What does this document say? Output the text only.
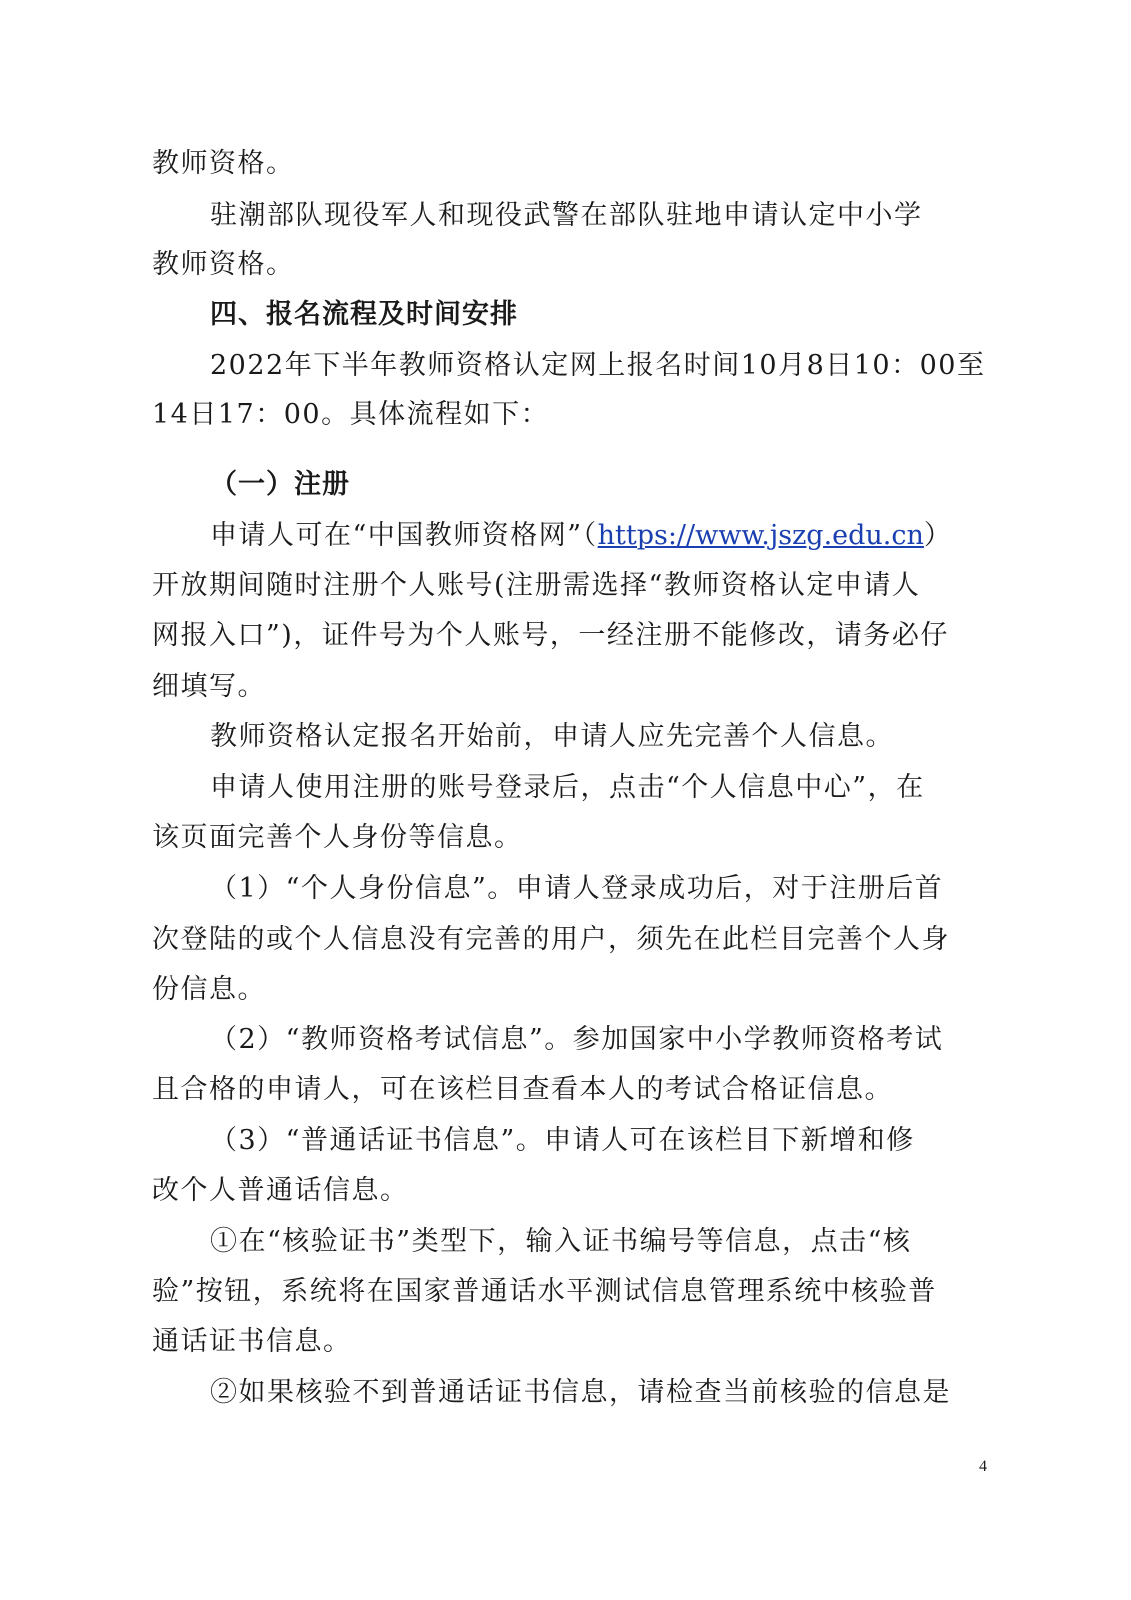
教师资格。
驻潮部队现役军人和现役武警在部队驻地申请认定中小学
教师资格。
四、报名流程及时间安排
2022年下半年教师资格认定网上报名时间10月8日10：00至
14日17：00。具体流程如下：
（一）注册
申请人可在“中国教师资格网”（https://www.jszg.edu.cn）
开放期间随时注册个人账号(注册需选择“教师资格认定申请人
网报入口”)，证件号为个人账号，一经注册不能修改，请务必仔
细填写。
教师资格认定报名开始前，申请人应先完善个人信息。
申请人使用注册的账号登录后，点击“个人信息中心”，在
该页面完善个人身份等信息。
（1）“个人身份信息”。申请人登录成功后，对于注册后首
次登陆的或个人信息没有完善的用户，须先在此栏目完善个人身
份信息。
（2）“教师资格考试信息”。参加国家中小学教师资格考试
且合格的申请人，可在该栏目查看本人的考试合格证信息。
（3）“普通话证书信息”。申请人可在该栏目下新增和修
改个人普通话信息。
①在“核验证书”类型下，输入证书编号等信息，点击“核
验”按钮，系统将在国家普通话水平测试信息管理系统中核验普
通话证书信息。
②如果核验不到普通话证书信息，请检查当前核验的信息是
4
